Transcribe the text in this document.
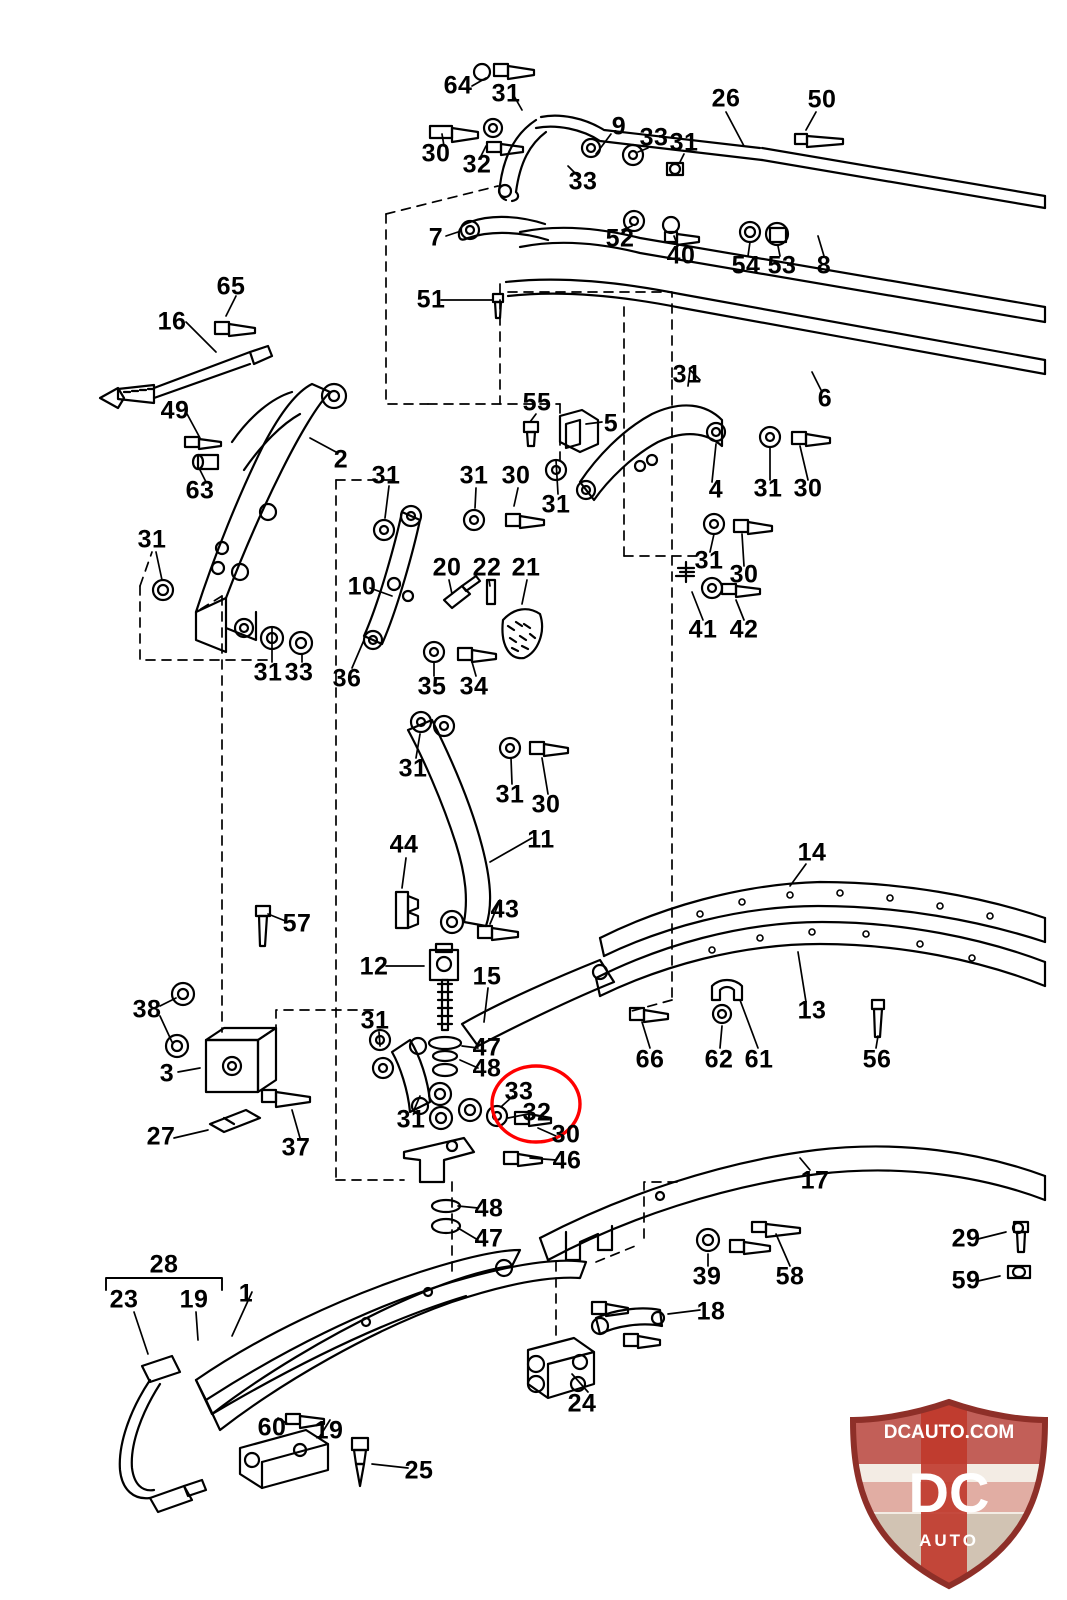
64 31	26	50
9 33 31
30 32
33
7	52
40 54 53 8
65	51
16
6
31
49	55
5
63
2
31 31 30
31
4 31 30
31 30
31
10
20 22 21
41 42
31 33 36 35 34
31
31 30
11	14
44
43
57
12	15
13
38	31
47
48	66 62 61	56
3
33
32
30
31
46
27	37
17
48
47	29
39 58	59
28
23 19 1
18
24
60 19
25
DCAUTO.COM
DC
AUTO
